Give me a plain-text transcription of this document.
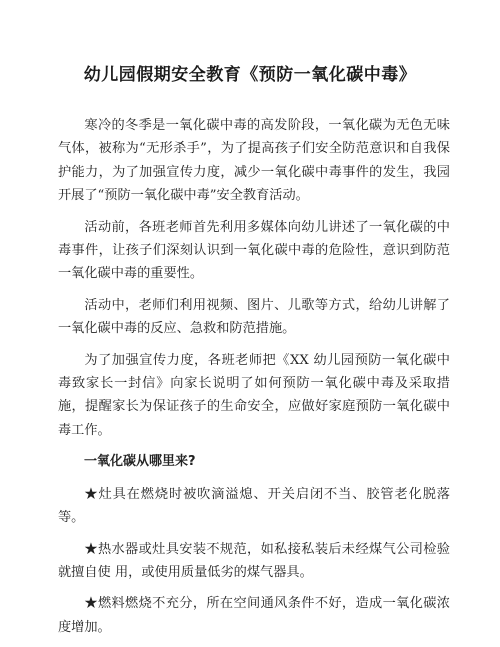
幼儿园假期安全教育《预防一氧化碳中毒》

寒冷的冬季是一氧化碳中毒的高发阶段，一氧化碳为无色无味气体，被称为“无形杀手”，为了提高孩子们安全防范意识和自我保护能力，为了加强宣传力度，减少一氧化碳中毒事件的发生，我园开展了“预防一氧化碳中毒”安全教育活动。

活动前，各班老师首先利用多媒体向幼儿讲述了一氧化碳的中毒事件，让孩子们深刻认识到一氧化碳中毒的危险性，意识到防范一氧化碳中毒的重要性。

活动中，老师们利用视频、图片、儿歌等方式，给幼儿讲解了一氧化碳中毒的反应、急救和防范措施。

为了加强宣传力度，各班老师把《XX 幼儿园预防一氧化碳中毒致家长一封信》向家长说明了如何预防一氧化碳中毒及采取措施，提醒家长为保证孩子的生命安全，应做好家庭预防一氧化碳中毒工作。

一氧化碳从哪里来?

★灶具在燃烧时被吹滴溢熄、开关启闭不当、胶管老化脱落等。

★热水器或灶具安装不规范，如私接私装后未经煤气公司检验就擅自使 用，或使用质量低劣的煤气器具。

★燃料燃烧不充分，所在空间通风条件不好，造成一氧化碳浓度增加。
